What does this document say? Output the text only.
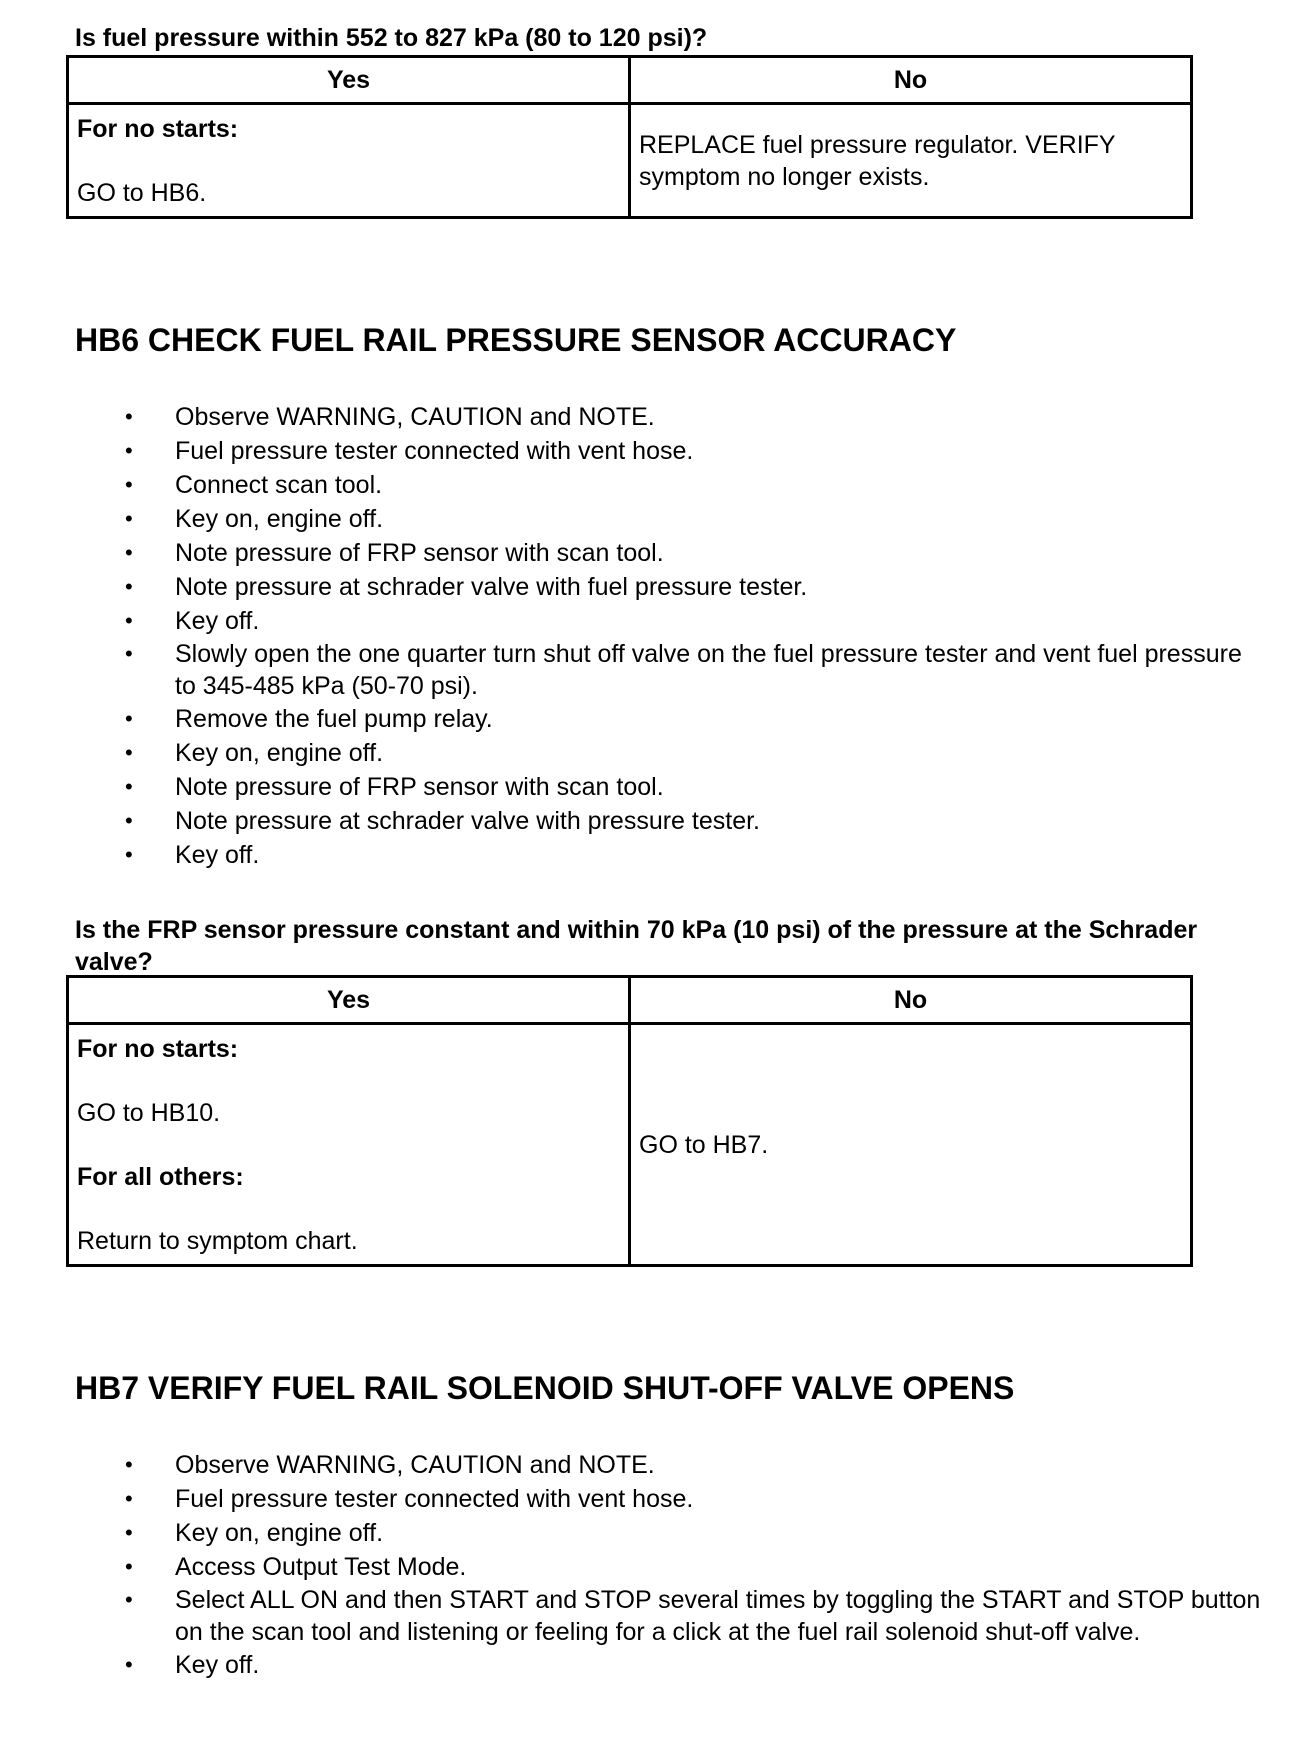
Is fuel pressure within 552 to 827 kPa (80 to 120 psi)?
Yes	No

For no starts:

GO to HB6.	REPLACE fuel pressure regulator. VERIFY symptom no longer exists.

HB6 CHECK FUEL RAIL PRESSURE SENSOR ACCURACY
• Observe WARNING, CAUTION and NOTE.
• Fuel pressure tester connected with vent hose.
• Connect scan tool.
• Key on, engine off.
• Note pressure of FRP sensor with scan tool.
• Note pressure at schrader valve with fuel pressure tester.
• Key off.
• Slowly open the one quarter turn shut off valve on the fuel pressure tester and vent fuel pressure to 345-485 kPa (50-70 psi).
• Remove the fuel pump relay.
• Key on, engine off.
• Note pressure of FRP sensor with scan tool.
• Note pressure at schrader valve with pressure tester.
• Key off.
Is the FRP sensor pressure constant and within 70 kPa (10 psi) of the pressure at the Schrader valve?
Yes	No

For no starts:

GO to HB10.

For all others:

Return to symptom chart.	GO to HB7.

HB7 VERIFY FUEL RAIL SOLENOID SHUT-OFF VALVE OPENS
• Observe WARNING, CAUTION and NOTE.
• Fuel pressure tester connected with vent hose.
• Key on, engine off.
• Access Output Test Mode.
• Select ALL ON and then START and STOP several times by toggling the START and STOP button on the scan tool and listening or feeling for a click at the fuel rail solenoid shut-off valve.
• Key off.
